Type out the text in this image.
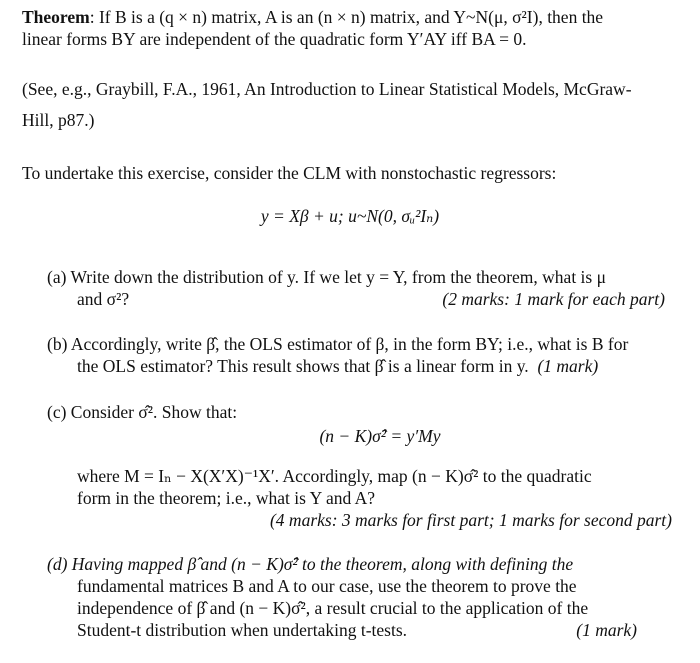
Theorem: If B is a (q × n) matrix, A is an (n × n) matrix, and Y~N(μ, σ²I), then the
linear forms BY are independent of the quadratic form Y′AY iff BA = 0.
(See, e.g., Graybill, F.A., 1961, An Introduction to Linear Statistical Models, McGraw-
Hill, p87.)
To undertake this exercise, consider the CLM with nonstochastic regressors:
y = Xβ + u; u~N(0, σᵤ²Iₙ)
(a) Write down the distribution of y. If we let y = Y, from the theorem, what is μ
and σ²?	(2 marks: 1 mark for each part)
(b) Accordingly, write β̂, the OLS estimator of β, in the form BY; i.e., what is B for
the OLS estimator? This result shows that β̂ is a linear form in y. (1 mark)
(c) Consider σ̂². Show that:
(n − K)σ̂² = y′My
where M = Iₙ − X(X′X)⁻¹X′. Accordingly, map (n − K)σ̂² to the quadratic
form in the theorem; i.e., what is Y and A?
(4 marks: 3 marks for first part; 1 marks for second part)
(d) Having mapped β̂ and (n − K)σ̂² to the theorem, along with defining the
fundamental matrices B and A to our case, use the theorem to prove the
independence of β̂ and (n − K)σ̂², a result crucial to the application of the
Student-t distribution when undertaking t-tests.	(1 mark)
